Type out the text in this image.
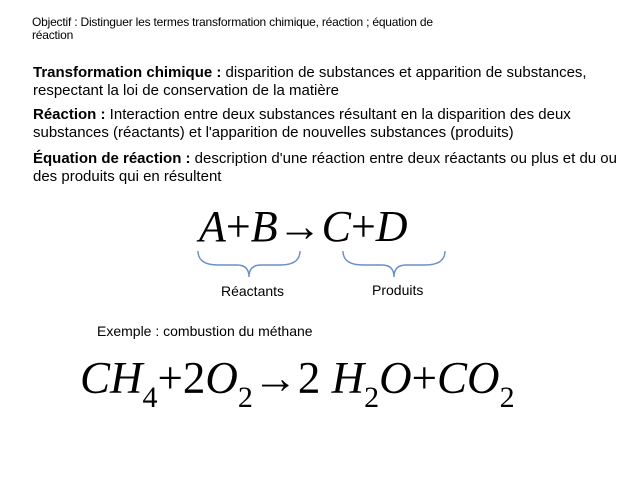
Objectif : Distinguer les termes transformation chimique, réaction ; équation de réaction
Transformation chimique : disparition de substances et apparition de substances, respectant la loi de conservation de la matière
Réaction : Interaction entre deux substances résultant en la disparition des deux substances (réactants) et l'apparition de nouvelles substances (produits)
Équation de réaction : description d'une réaction entre deux réactants ou plus et du ou des produits qui en résultent
A+B→C+D
Réactants	Produits
Exemple : combustion du méthane
$CH_4+2O_2\to 2$ $H_2O+CO_2$
